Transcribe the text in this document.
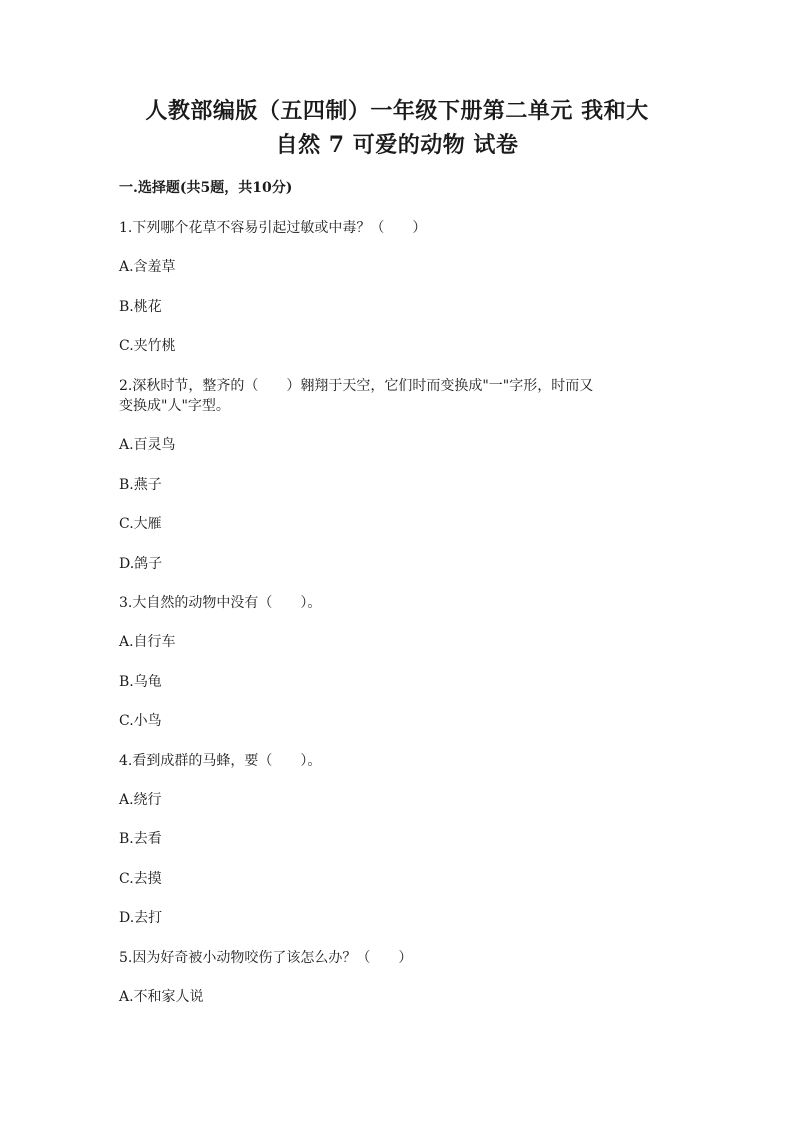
人教部编版（五四制）一年级下册第二单元 我和大
自然 7 可爱的动物 试卷
一.选择题(共5题，共10分)
1.下列哪个花草不容易引起过敏或中毒？（　　）
A.含羞草
B.桃花
C.夹竹桃
2.深秋时节，整齐的（　　）翱翔于天空，它们时而变换成"一"字形，时而又
变换成"人"字型。
A.百灵鸟
B.燕子
C.大雁
D.鸽子
3.大自然的动物中没有（　　）。
A.自行车
B.乌龟
C.小鸟
4.看到成群的马蜂，要（　　）。
A.绕行
B.去看
C.去摸
D.去打
5.因为好奇被小动物咬伤了该怎么办？（　　）
A.不和家人说
